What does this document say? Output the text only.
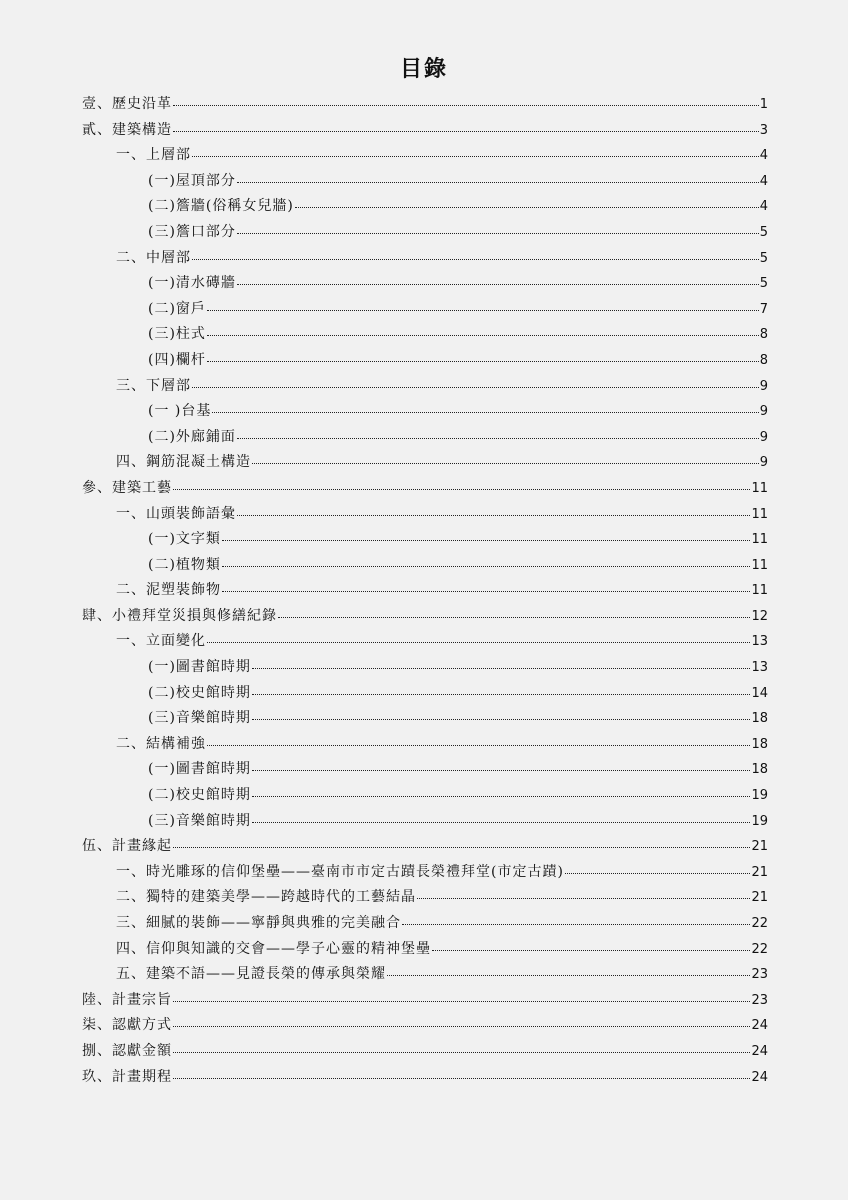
目錄
壹、歷史沿革	1
貳、建築構造	3
一、上層部	4
(一)屋頂部分	4
(二)簷牆(俗稱女兒牆)	4
(三)簷口部分	5
二、中層部	5
(一)清水磚牆	5
(二)窗戶	7
(三)柱式	8
(四)欄杆	8
三、下層部	9
(一 )台基	9
(二)外廊鋪面	9
四、鋼筋混凝土構造	9
參、建築工藝	11
一、山頭裝飾語彙	11
(一)文字類	11
(二)植物類	11
二、泥塑裝飾物	11
肆、小禮拜堂災損與修繕紀錄	12
一、立面變化	13
(一)圖書館時期	13
(二)校史館時期	14
(三)音樂館時期	18
二、結構補強	18
(一)圖書館時期	18
(二)校史館時期	19
(三)音樂館時期	19
伍、計畫緣起	21
一、時光雕琢的信仰堡壘——臺南市市定古蹟長榮禮拜堂(市定古蹟)	21
二、獨特的建築美學——跨越時代的工藝結晶	21
三、細膩的裝飾——寧靜與典雅的完美融合	22
四、信仰與知識的交會——學子心靈的精神堡壘	22
五、建築不語——見證長榮的傳承與榮耀	23
陸、計畫宗旨	23
柒、認獻方式	24
捌、認獻金額	24
玖、計畫期程	24
